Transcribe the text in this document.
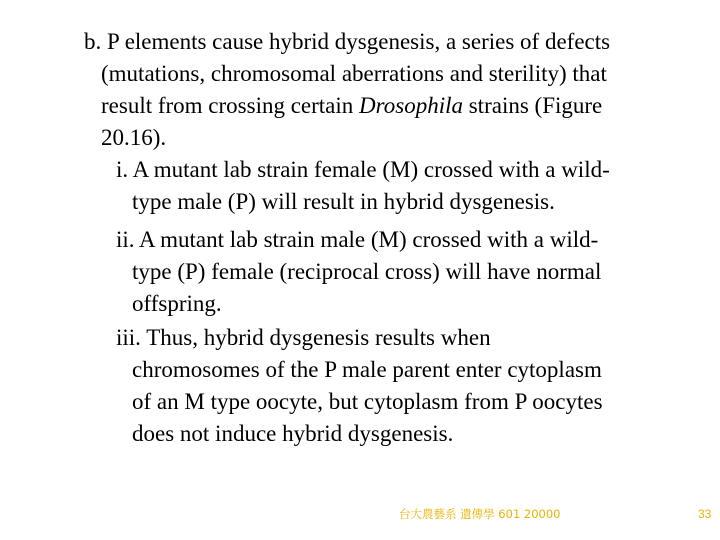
b. P elements cause hybrid dysgenesis, a series of defects
(mutations, chromosomal aberrations and sterility) that
result from crossing certain Drosophila strains (Figure
20.16).
i. A mutant lab strain female (M) crossed with a wild-
type male (P) will result in hybrid dysgenesis.
ii. A mutant lab strain male (M) crossed with a wild-
type (P) female (reciprocal cross) will have normal
offspring.
iii. Thus, hybrid dysgenesis results when
chromosomes of the P male parent enter cytoplasm
of an M type oocyte, but cytoplasm from P oocytes
does not induce hybrid dysgenesis.
台大農藝系 遺傳學 601 20000	33
